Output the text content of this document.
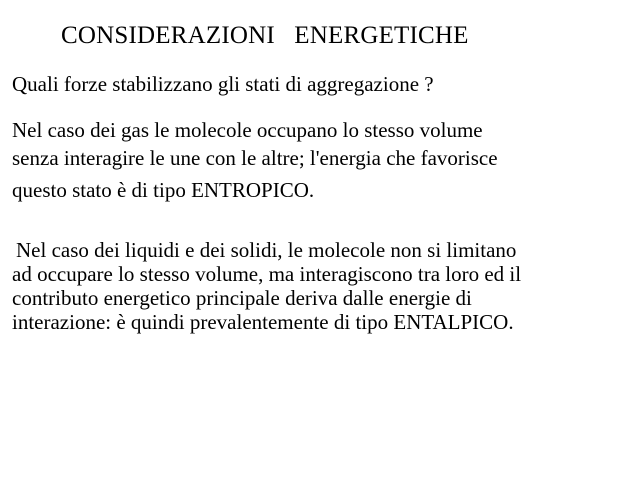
CONSIDERAZIONI   ENERGETICHE
Quali forze stabilizzano gli stati di aggregazione ?
Nel caso dei gas le molecole occupano lo stesso volume
senza interagire le une con le altre; l'energia che favorisce
questo stato è di tipo ENTROPICO.
Nel caso dei liquidi e dei solidi, le molecole non si limitano
ad occupare lo stesso volume, ma interagiscono tra loro ed il
contributo energetico principale deriva dalle energie di
interazione: è quindi prevalentemente di tipo ENTALPICO.
